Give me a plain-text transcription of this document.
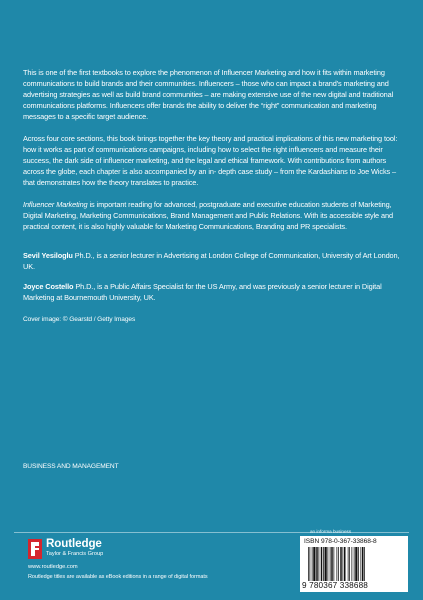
This is one of the first textbooks to explore the phenomenon of Influencer Marketing and how it fits within marketing communications to build brands and their communities. Influencers – those who can impact a brand's marketing and advertising strategies as well as build brand communities – are making extensive use of the new digital and traditional communications platforms. Influencers offer brands the ability to deliver the “right” communication and marketing messages to a specific target audience.

Across four core sections, this book brings together the key theory and practical implications of this new marketing tool: how it works as part of communications campaigns, including how to select the right influencers and measure their success, the dark side of influencer marketing, and the legal and ethical framework. With contributions from authors across the globe, each chapter is also accompanied by an in- depth case study – from the Kardashians to Joe Wicks – that demonstrates how the theory translates to practice.

Influencer Marketing is important reading for advanced, postgraduate and executive education students of Marketing, Digital Marketing, Marketing Communications, Brand Management and Public Relations. With its accessible style and practical content, it is also highly valuable for Marketing Communications, Branding and PR specialists.

Sevil Yesiloglu Ph.D., is a senior lecturer in Advertising at London College of Communication, University of Art London, UK.

Joyce Costello Ph.D., is a Public Affairs Specialist for the US Army, and was previously a senior lecturer in Digital Marketing at Bournemouth University, UK.

Cover image: © Gearstd / Getty Images

BUSINESS AND MANAGEMENT
an informa business
Routledge
Taylor & Francis Group
www.routledge.com
Routledge titles are available as eBook editions in a range of digital formats
ISBN 978-0-367-33868-8
9 780367 338688
